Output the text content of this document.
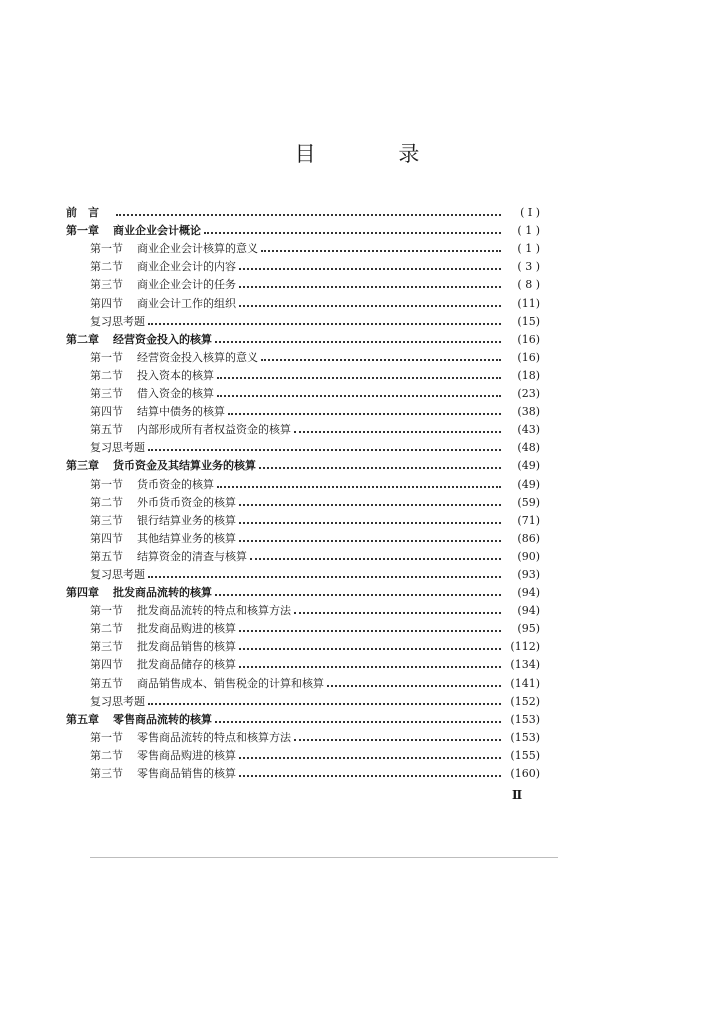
目 录
前　言	( I )
第一章 商业企业会计概论	( 1 )
第一节 商业企业会计核算的意义	( 1 )
第二节 商业企业会计的内容	( 3 )
第三节 商业企业会计的任务	( 8 )
第四节 商业会计工作的组织	(11)
复习思考题	(15)
第二章 经营资金投入的核算	(16)
第一节 经营资金投入核算的意义	(16)
第二节 投入资本的核算	(18)
第三节 借入资金的核算	(23)
第四节 结算中债务的核算	(38)
第五节 内部形成所有者权益资金的核算	(43)
复习思考题	(48)
第三章 货币资金及其结算业务的核算	(49)
第一节 货币资金的核算	(49)
第二节 外币货币资金的核算	(59)
第三节 银行结算业务的核算	(71)
第四节 其他结算业务的核算	(86)
第五节 结算资金的清查与核算	(90)
复习思考题	(93)
第四章 批发商品流转的核算	(94)
第一节 批发商品流转的特点和核算方法	(94)
第二节 批发商品购进的核算	(95)
第三节 批发商品销售的核算	(112)
第四节 批发商品储存的核算	(134)
第五节 商品销售成本、销售税金的计算和核算	(141)
复习思考题	(152)
第五章 零售商品流转的核算	(153)
第一节 零售商品流转的特点和核算方法	(153)
第二节 零售商品购进的核算	(155)
第三节 零售商品销售的核算	(160)
Ⅱ
